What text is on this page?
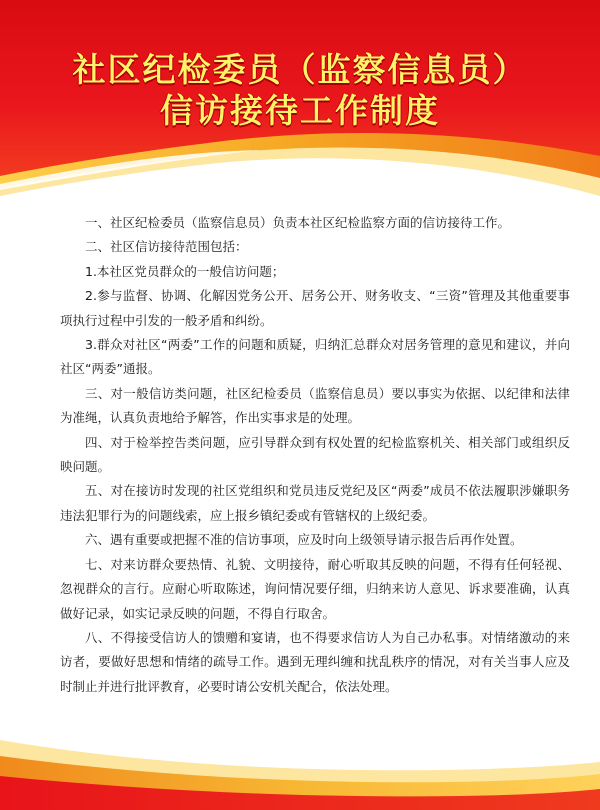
社区纪检委员（监察信息员）
信访接待工作制度

一、社区纪检委员（监察信息员）负责本社区纪检监察方面的信访接待工作。

二、社区信访接待范围包括：

1.本社区党员群众的一般信访问题；

2.参与监督、协调、化解因党务公开、居务公开、财务收支、“三资”管理及其他重要事项执行过程中引发的一般矛盾和纠纷。

3.群众对社区“两委”工作的问题和质疑，归纳汇总群众对居务管理的意见和建议，并向社区“两委”通报。

三、对一般信访类问题，社区纪检委员（监察信息员）要以事实为依据、以纪律和法律为准绳，认真负责地给予解答，作出实事求是的处理。

四、对于检举控告类问题，应引导群众到有权处置的纪检监察机关、相关部门或组织反映问题。

五、对在接访时发现的社区党组织和党员违反党纪及区“两委”成员不依法履职涉嫌职务违法犯罪行为的问题线索，应上报乡镇纪委或有管辖权的上级纪委。

六、遇有重要或把握不准的信访事项，应及时向上级领导请示报告后再作处置。

七、对来访群众要热情、礼貌、文明接待，耐心听取其反映的问题，不得有任何轻视、忽视群众的言行。应耐心听取陈述，询问情况要仔细，归纳来访人意见、诉求要准确，认真做好记录，如实记录反映的问题，不得自行取舍。

八、不得接受信访人的馈赠和宴请，也不得要求信访人为自己办私事。对情绪激动的来访者，要做好思想和情绪的疏导工作。遇到无理纠缠和扰乱秩序的情况，对有关当事人应及时制止并进行批评教育，必要时请公安机关配合，依法处理。
